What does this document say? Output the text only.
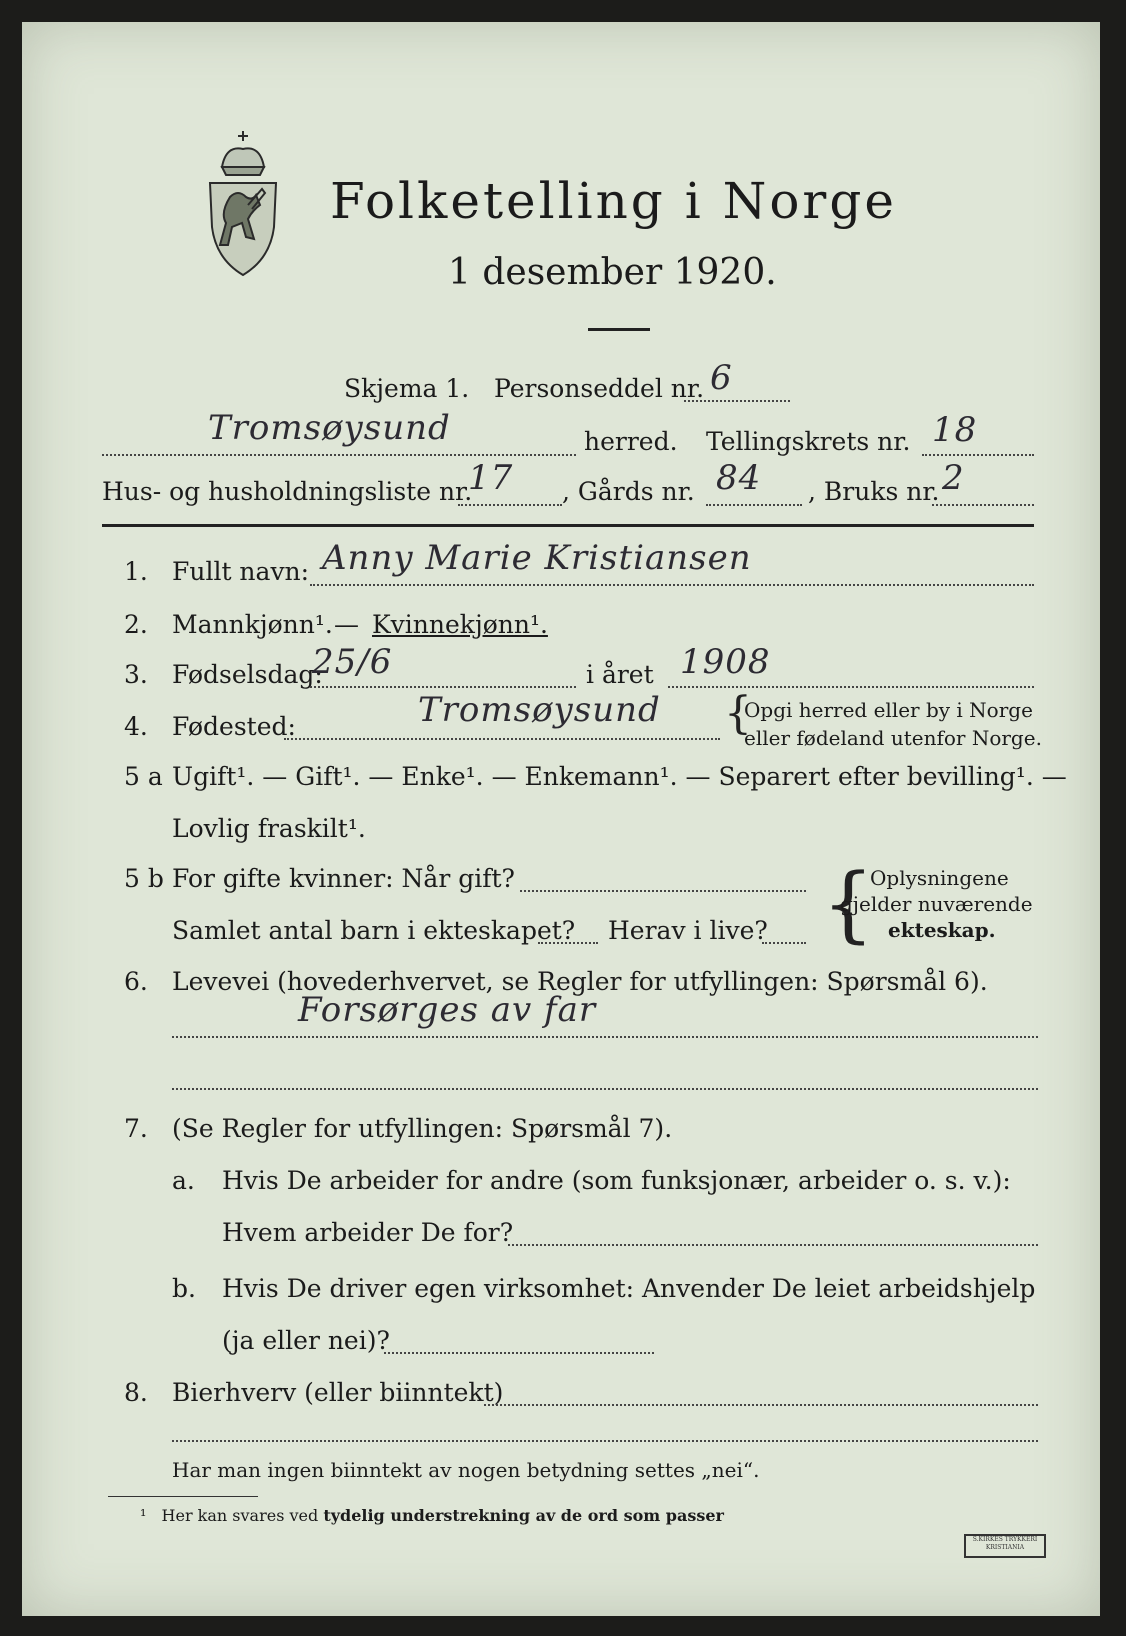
Folketelling i Norge
1 desember 1920.
Skjema 1. Personseddel nr. 6
Tromsøysund	herred. Tellingskrets nr. 18
Hus- og husholdningsliste nr.
17 , Gårds nr. 84 , Bruks nr. 2
1. Fullt navn: Anny Marie Kristiansen
2. Mannkjønn¹. — Kvinnekjønn¹.
3. Fødselsdag:
25/6	i året 1908
4. Fødested:	Tromsøysund {
Opgi herred eller by i Norge
eller fødeland utenfor Norge.
5 a Ugift¹. — Gift¹. — Enke¹. — Enkemann¹. — Separert efter bevilling¹. —
Lovlig fraskilt¹.
5 b For gifte kvinner: Når gift?
Samlet antal barn i ekteskapet? Herav i live? {
Oplysningene
gjelder nuværende
ekteskap.
6. Levevei (hovederhvervet, se Regler for utfyllingen: Spørsmål 6).
Forsørges av far
7. (Se Regler for utfyllingen: Spørsmål 7).
a. Hvis De arbeider for andre (som funksjonær, arbeider o. s. v.):
Hvem arbeider De for?
b. Hvis De driver egen virksomhet: Anvender De leiet arbeidshjelp
(ja eller nei)?
8. Bierhverv (eller biinntekt)
Har man ingen biinntekt av nogen betydning settes „nei“.
¹ Her kan svares ved tydelig understrekning av de ord som passer
S.KIRKES TRYKKERI KRISTIANIA
